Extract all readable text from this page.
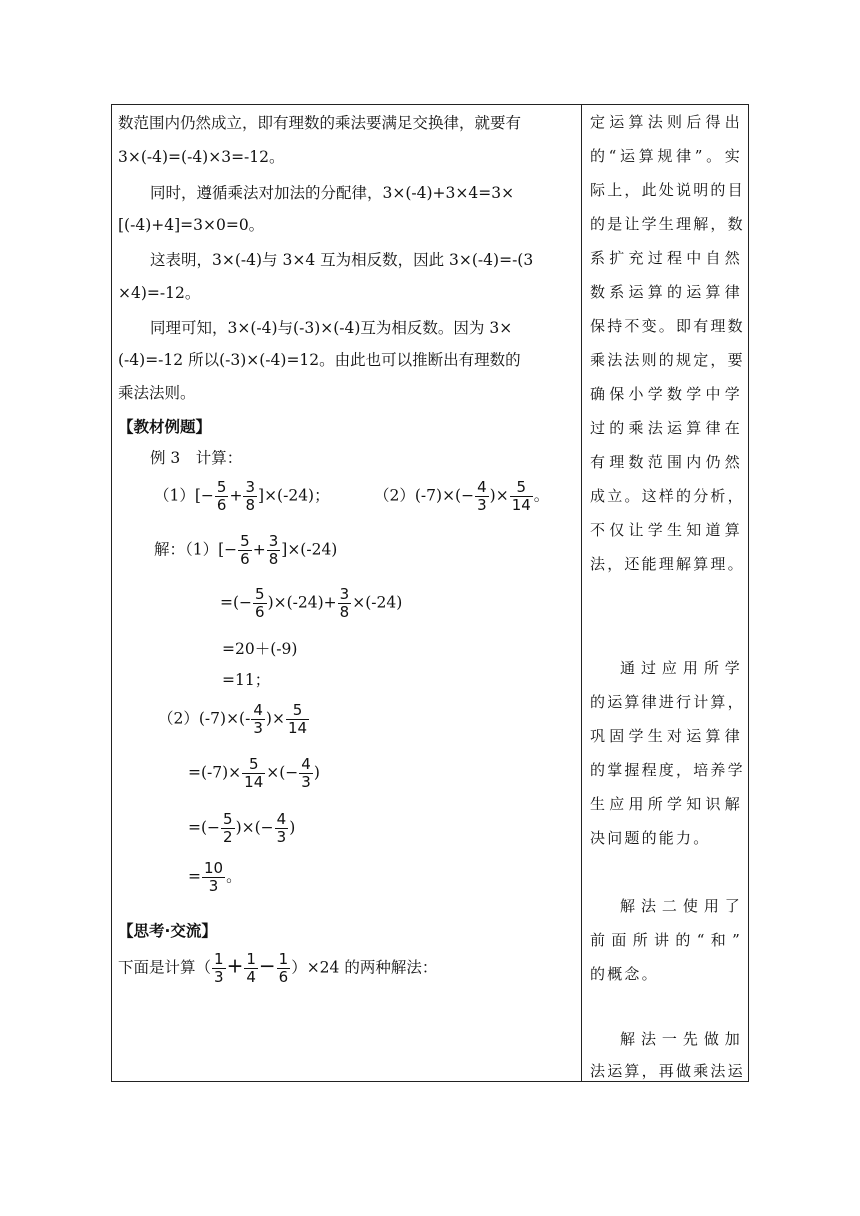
数范围内仍然成立，即有理数的乘法要满足交换律，就要有
3×(-4)=(-4)×3=-12。
同时，遵循乘法对加法的分配律，3×(-4)+3×4=3×
[(-4)+4]=3×0=0。
这表明，3×(-4)与 3×4 互为相反数，因此 3×(-4)=-(3
×4)=-12。
同理可知，3×(-4)与(-3)×(-4)互为相反数。因为 3×
(-4)=-12 所以(-3)×(-4)=12。由此也可以推断出有理数的
乘法法则。
【教材例题】
例 3　计算：
$(1)[- \frac{5}{6} + \frac{3}{8} ]\times(-24)$；	$(2)(-7)\times(- \frac{4}{3}$ )× $\frac{5}{14}$ 。
解：$(1)[- \frac{5}{6} + \frac{3}{8} ]\times(-24)$
=(− $\frac{5}{6} )\times(-24)+ \frac{3}{8} \times(-24)$
=20＋(-9)
=11；
$(2)(-7)\times(- \frac{4}{3}$ )× $\frac{5}{14}$
$=(-7)\times \frac{5}{14}$ ×(− $\frac{4}{3}$ )
=(− $\frac{5}{2}$ )×(− $\frac{4}{3}$ )
= $\frac{10}{3}$ 。
【思考·交流】
下面是计算（ $\frac{1}{3} + \frac{1}{4} - \frac{1}{6} )\times 24$ 的两种解法：
定运算法则后得出
的“运算规律”。实
际上，此处说明的目
的是让学生理解，数
系扩充过程中自然
数系运算的运算律
保持不变。即有理数
乘法法则的规定，要
确保小学数学中学
过的乘法运算律在
有理数范围内仍然
成立。这样的分析，
不仅让学生知道算
法，还能理解算理。
通过应用所学
的运算律进行计算，
巩固学生对运算律
的掌握程度，培养学
生应用所学知识解
决问题的能力。
解法二使用了
前面所讲的“和”
的概念。
解法一先做加
法运算，再做乘法运
